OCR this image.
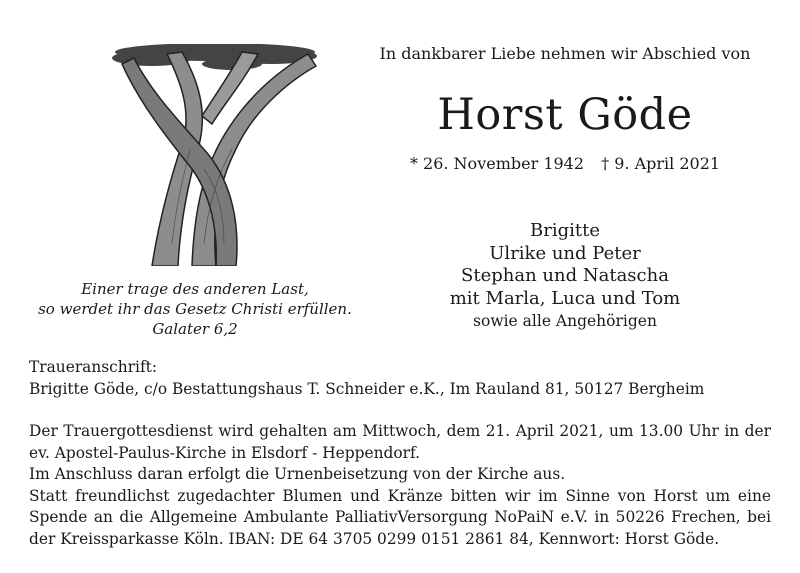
In dankbarer Liebe nehmen wir Abschied von
Horst Göde
* 26. November 1942 † 9. April 2021
Brigitte
Ulrike und Peter
Stephan und Natascha
mit Marla, Luca und Tom
sowie alle Angehörigen
Einer trage des anderen Last,
so werdet ihr das Gesetz Christi erfüllen.
Galater 6,2

Traueranschrift:

Brigitte Göde, c/o Bestattungshaus T. Schneider e.K., Im Rauland 81, 50127 Bergheim

Der Trauergottesdienst wird gehalten am Mittwoch, dem 21. April 2021, um 13.00 Uhr in der ev. Apostel-Paulus-Kirche in Elsdorf - Heppendorf.

Im Anschluss daran erfolgt die Urnenbeisetzung von der Kirche aus.

Statt freundlichst zugedachter Blumen und Kränze bitten wir im Sinne von Horst um eine Spende an die Allgemeine Ambulante PalliativVersorgung NoPaiN e.V. in 50226 Frechen, bei der Kreissparkasse Köln. IBAN: DE 64 3705 0299 0151 2861 84, Kennwort: Horst Göde.
